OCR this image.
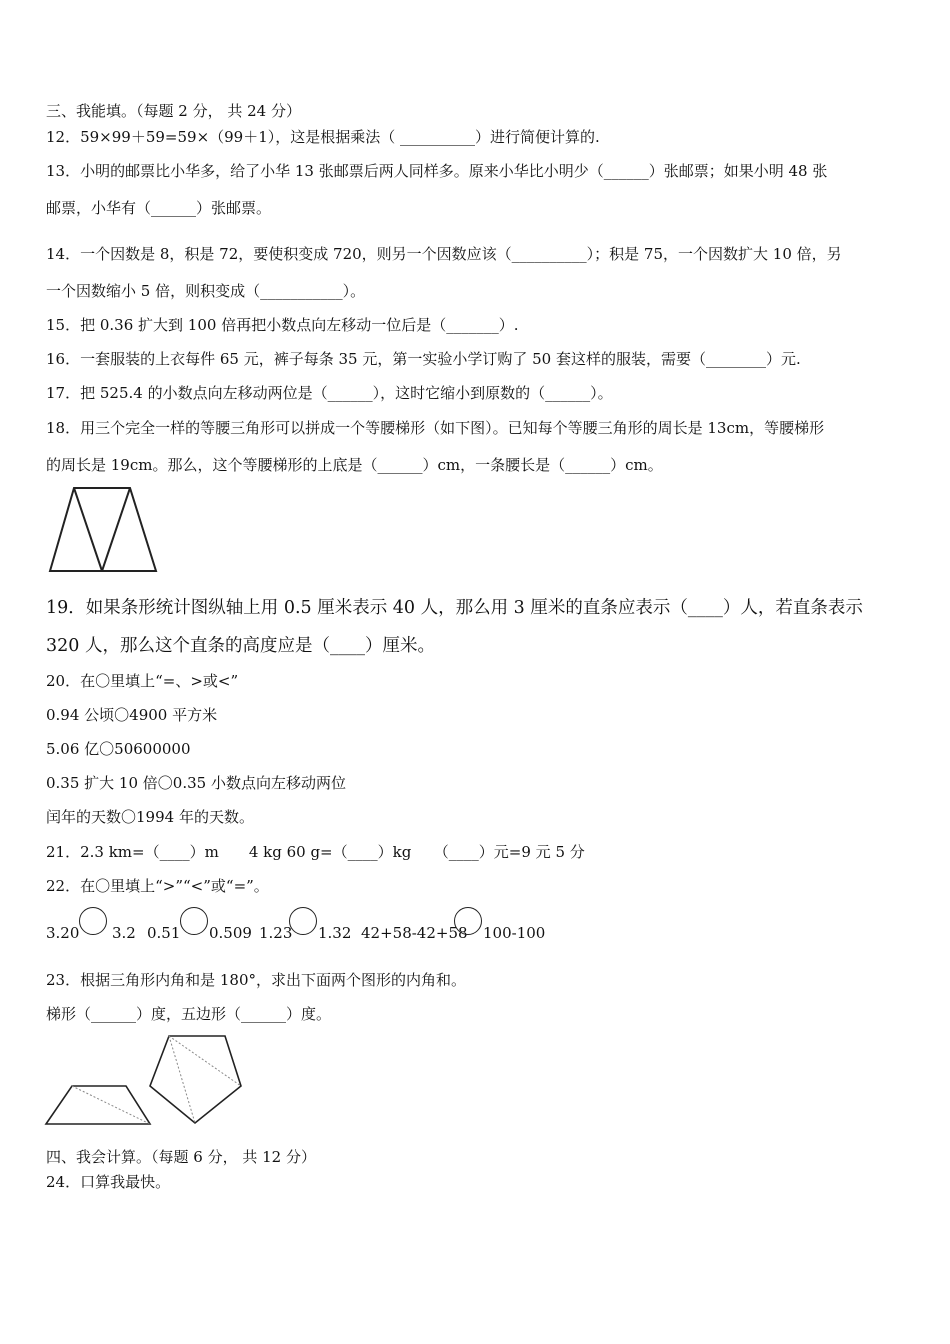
三、我能填。（每题 2 分， 共 24 分）
12．59×99＋59=59×（99＋1），这是根据乘法（ __________）进行简便计算的.
13．小明的邮票比小华多，给了小华 13 张邮票后两人同样多。原来小华比小明少（______）张邮票；如果小明 48 张
邮票，小华有（______）张邮票。
14．一个因数是 8，积是 72，要使积变成 720，则另一个因数应该（__________）；积是 75，一个因数扩大 10 倍，另
一个因数缩小 5 倍，则积变成（___________）。
15．把 0.36 扩大到 100 倍再把小数点向左移动一位后是（_______）.
16．一套服装的上衣每件 65 元，裤子每条 35 元，第一实验小学订购了 50 套这样的服装，需要（________）元.
17．把 525.4 的小数点向左移动两位是（______），这时它缩小到原数的（______）。
18．用三个完全一样的等腰三角形可以拼成一个等腰梯形（如下图）。已知每个等腰三角形的周长是 13cm，等腰梯形
的周长是 19cm。那么，这个等腰梯形的上底是（______）cm，一条腰长是（______）cm。
19．如果条形统计图纵轴上用 0.5 厘米表示 40 人，那么用 3 厘米的直条应表示（____）人，若直条表示
320 人，那么这个直条的高度应是（____）厘米。
20．在〇里填上“=、>或<”
0.94 公顷〇4900 平方米
5.06 亿〇50600000
0.35 扩大 10 倍〇0.35 小数点向左移动两位
闰年的天数〇1994 年的天数。
21．2.3 km=（____）m　　4 kg 60 g=（____）kg　　（____）元=9 元 5 分
22．在〇里填上“>”“<”或“=”。
3.20 3.2 0.51 0.509 1.23 1.32 42+58-42+58 100-100
23．根据三角形内角和是 180°，求出下面两个图形的内角和。
梯形（______）度，五边形（______）度。
四、我会计算。（每题 6 分， 共 12 分）
24．口算我最快。
